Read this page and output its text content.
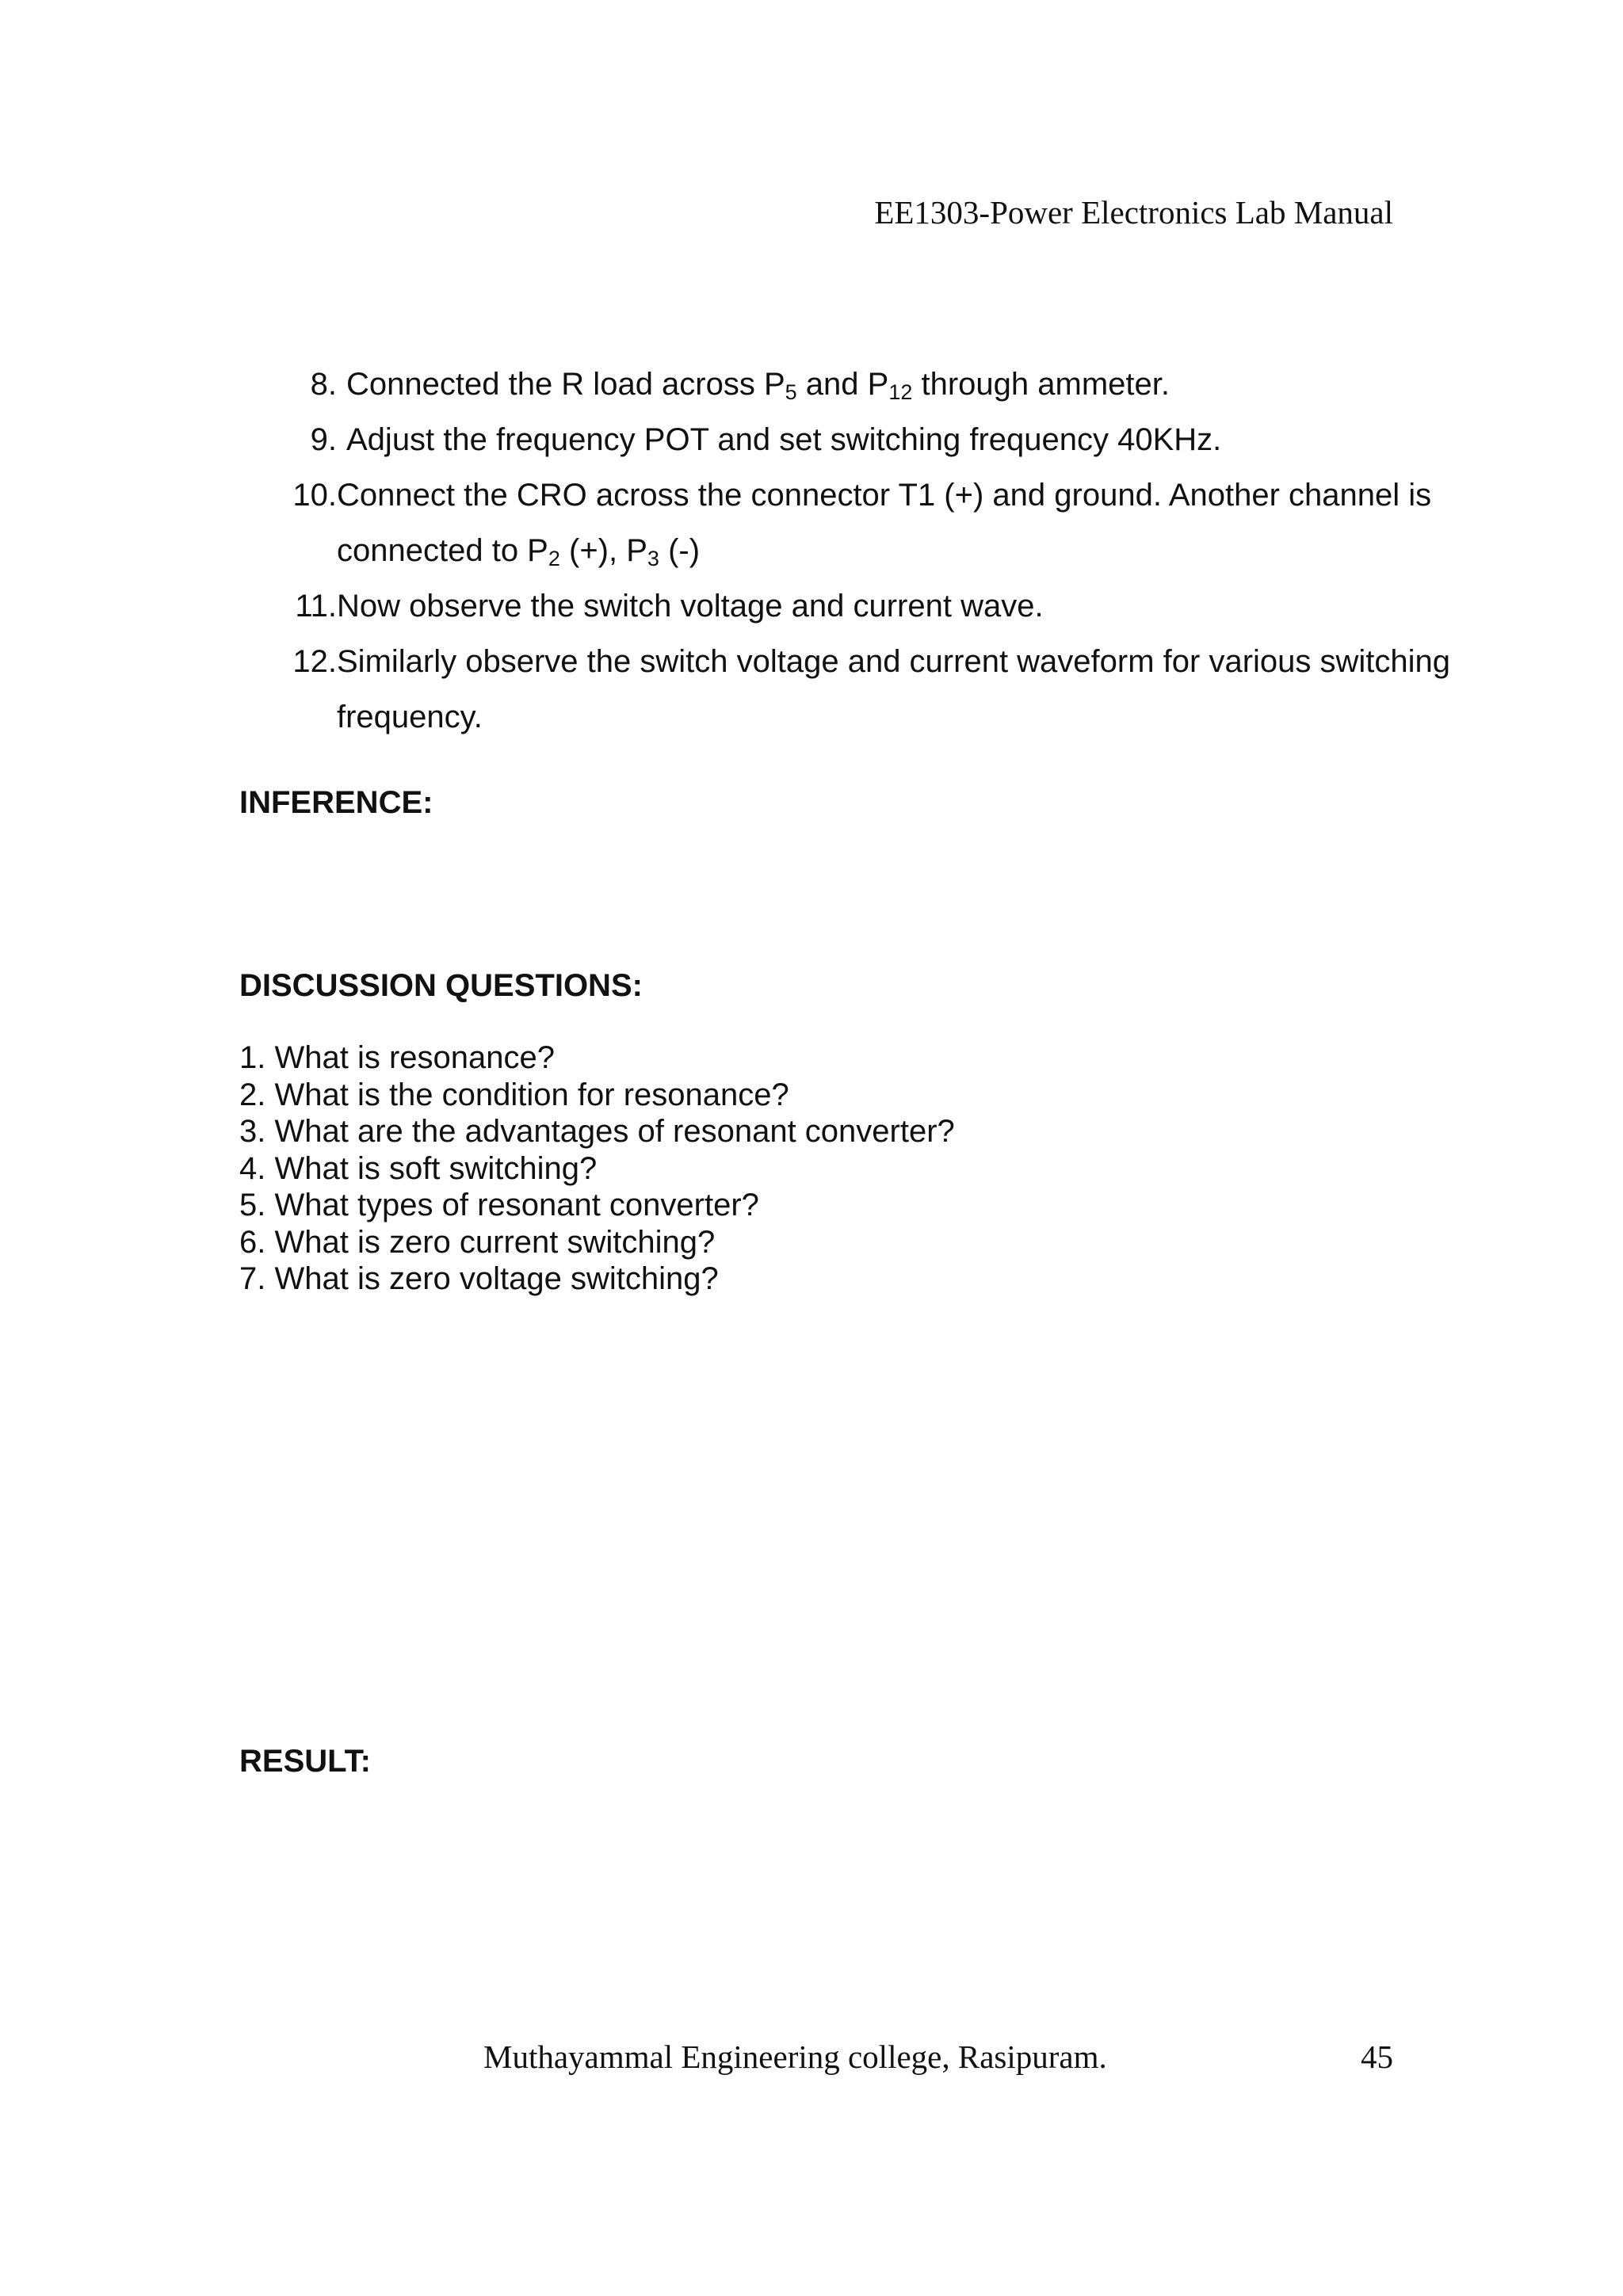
EE1303-Power Electronics Lab Manual
8. Connected the R load across $P_5$ and $P_{12}$ through ammeter.
9. Adjust the frequency POT and set switching frequency 40KHz.
10. Connect the CRO across the connector T1 (+) and ground. Another channel is connected to $P_2$ (+), $P_3$ (-)
11. Now observe the switch voltage and current wave.
12. Similarly observe the switch voltage and current waveform for various switching frequency.
INFERENCE:
DISCUSSION QUESTIONS:
1. What is resonance?
2. What is the condition for resonance?
3. What are the advantages of resonant converter?
4. What is soft switching?
5. What types of resonant converter?
6. What is zero current switching?
7. What is zero voltage switching?
RESULT:
Muthayammal Engineering college, Rasipuram.	45
